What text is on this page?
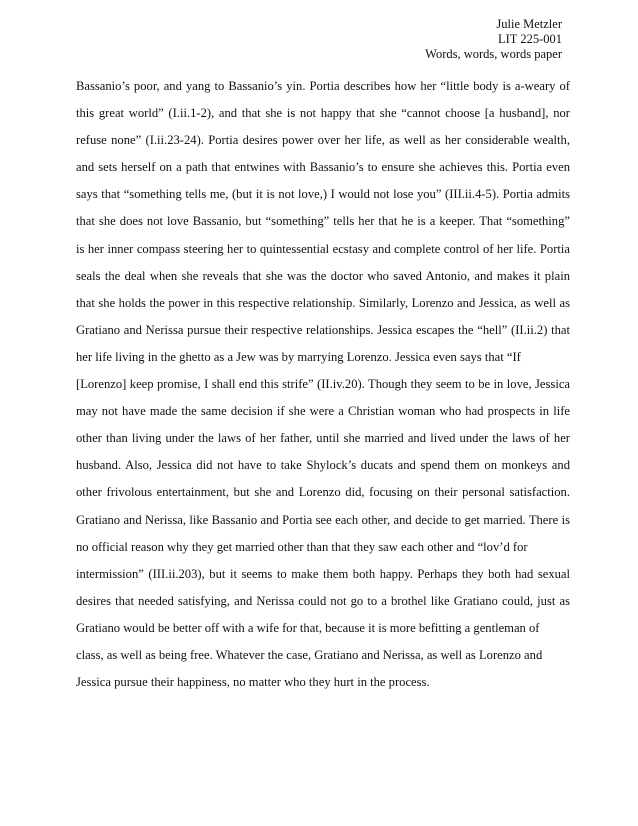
Julie Metzler
LIT 225-001
Words, words, words paper
Bassanio’s poor, and yang to Bassanio’s yin. Portia describes how her “little body is a-weary of
this great world” (I.ii.1-2), and that she is not happy that she “cannot choose [a husband], nor
refuse none” (I.ii.23-24). Portia desires power over her life, as well as her considerable wealth,
and sets herself on a path that entwines with Bassanio’s to ensure she achieves this. Portia even
says that “something tells me, (but it is not love,) I would not lose you” (III.ii.4-5). Portia admits
that she does not love Bassanio, but “something” tells her that he is a keeper. That “something”
is her inner compass steering her to quintessential ecstasy and complete control of her life. Portia
seals the deal when she reveals that she was the doctor who saved Antonio, and makes it plain
that she holds the power in this respective relationship. Similarly, Lorenzo and Jessica, as well as
Gratiano and Nerissa pursue their respective relationships. Jessica escapes the “hell” (II.ii.2) that
her life living in the ghetto as a Jew was by marrying Lorenzo. Jessica even says that “If
[Lorenzo] keep promise, I shall end this strife” (II.iv.20). Though they seem to be in love, Jessica
may not have made the same decision if she were a Christian woman who had prospects in life
other than living under the laws of her father, until she married and lived under the laws of her
husband. Also, Jessica did not have to take Shylock’s ducats and spend them on monkeys and
other frivolous entertainment, but she and Lorenzo did, focusing on their personal satisfaction.
Gratiano and Nerissa, like Bassanio and Portia see each other, and decide to get married. There is
no official reason why they get married other than that they saw each other and “lov’d for
intermission” (III.ii.203), but it seems to make them both happy. Perhaps they both had sexual
desires that needed satisfying, and Nerissa could not go to a brothel like Gratiano could, just as
Gratiano would be better off with a wife for that, because it is more befitting a gentleman of
class, as well as being free. Whatever the case, Gratiano and Nerissa, as well as Lorenzo and
Jessica pursue their happiness, no matter who they hurt in the process.
